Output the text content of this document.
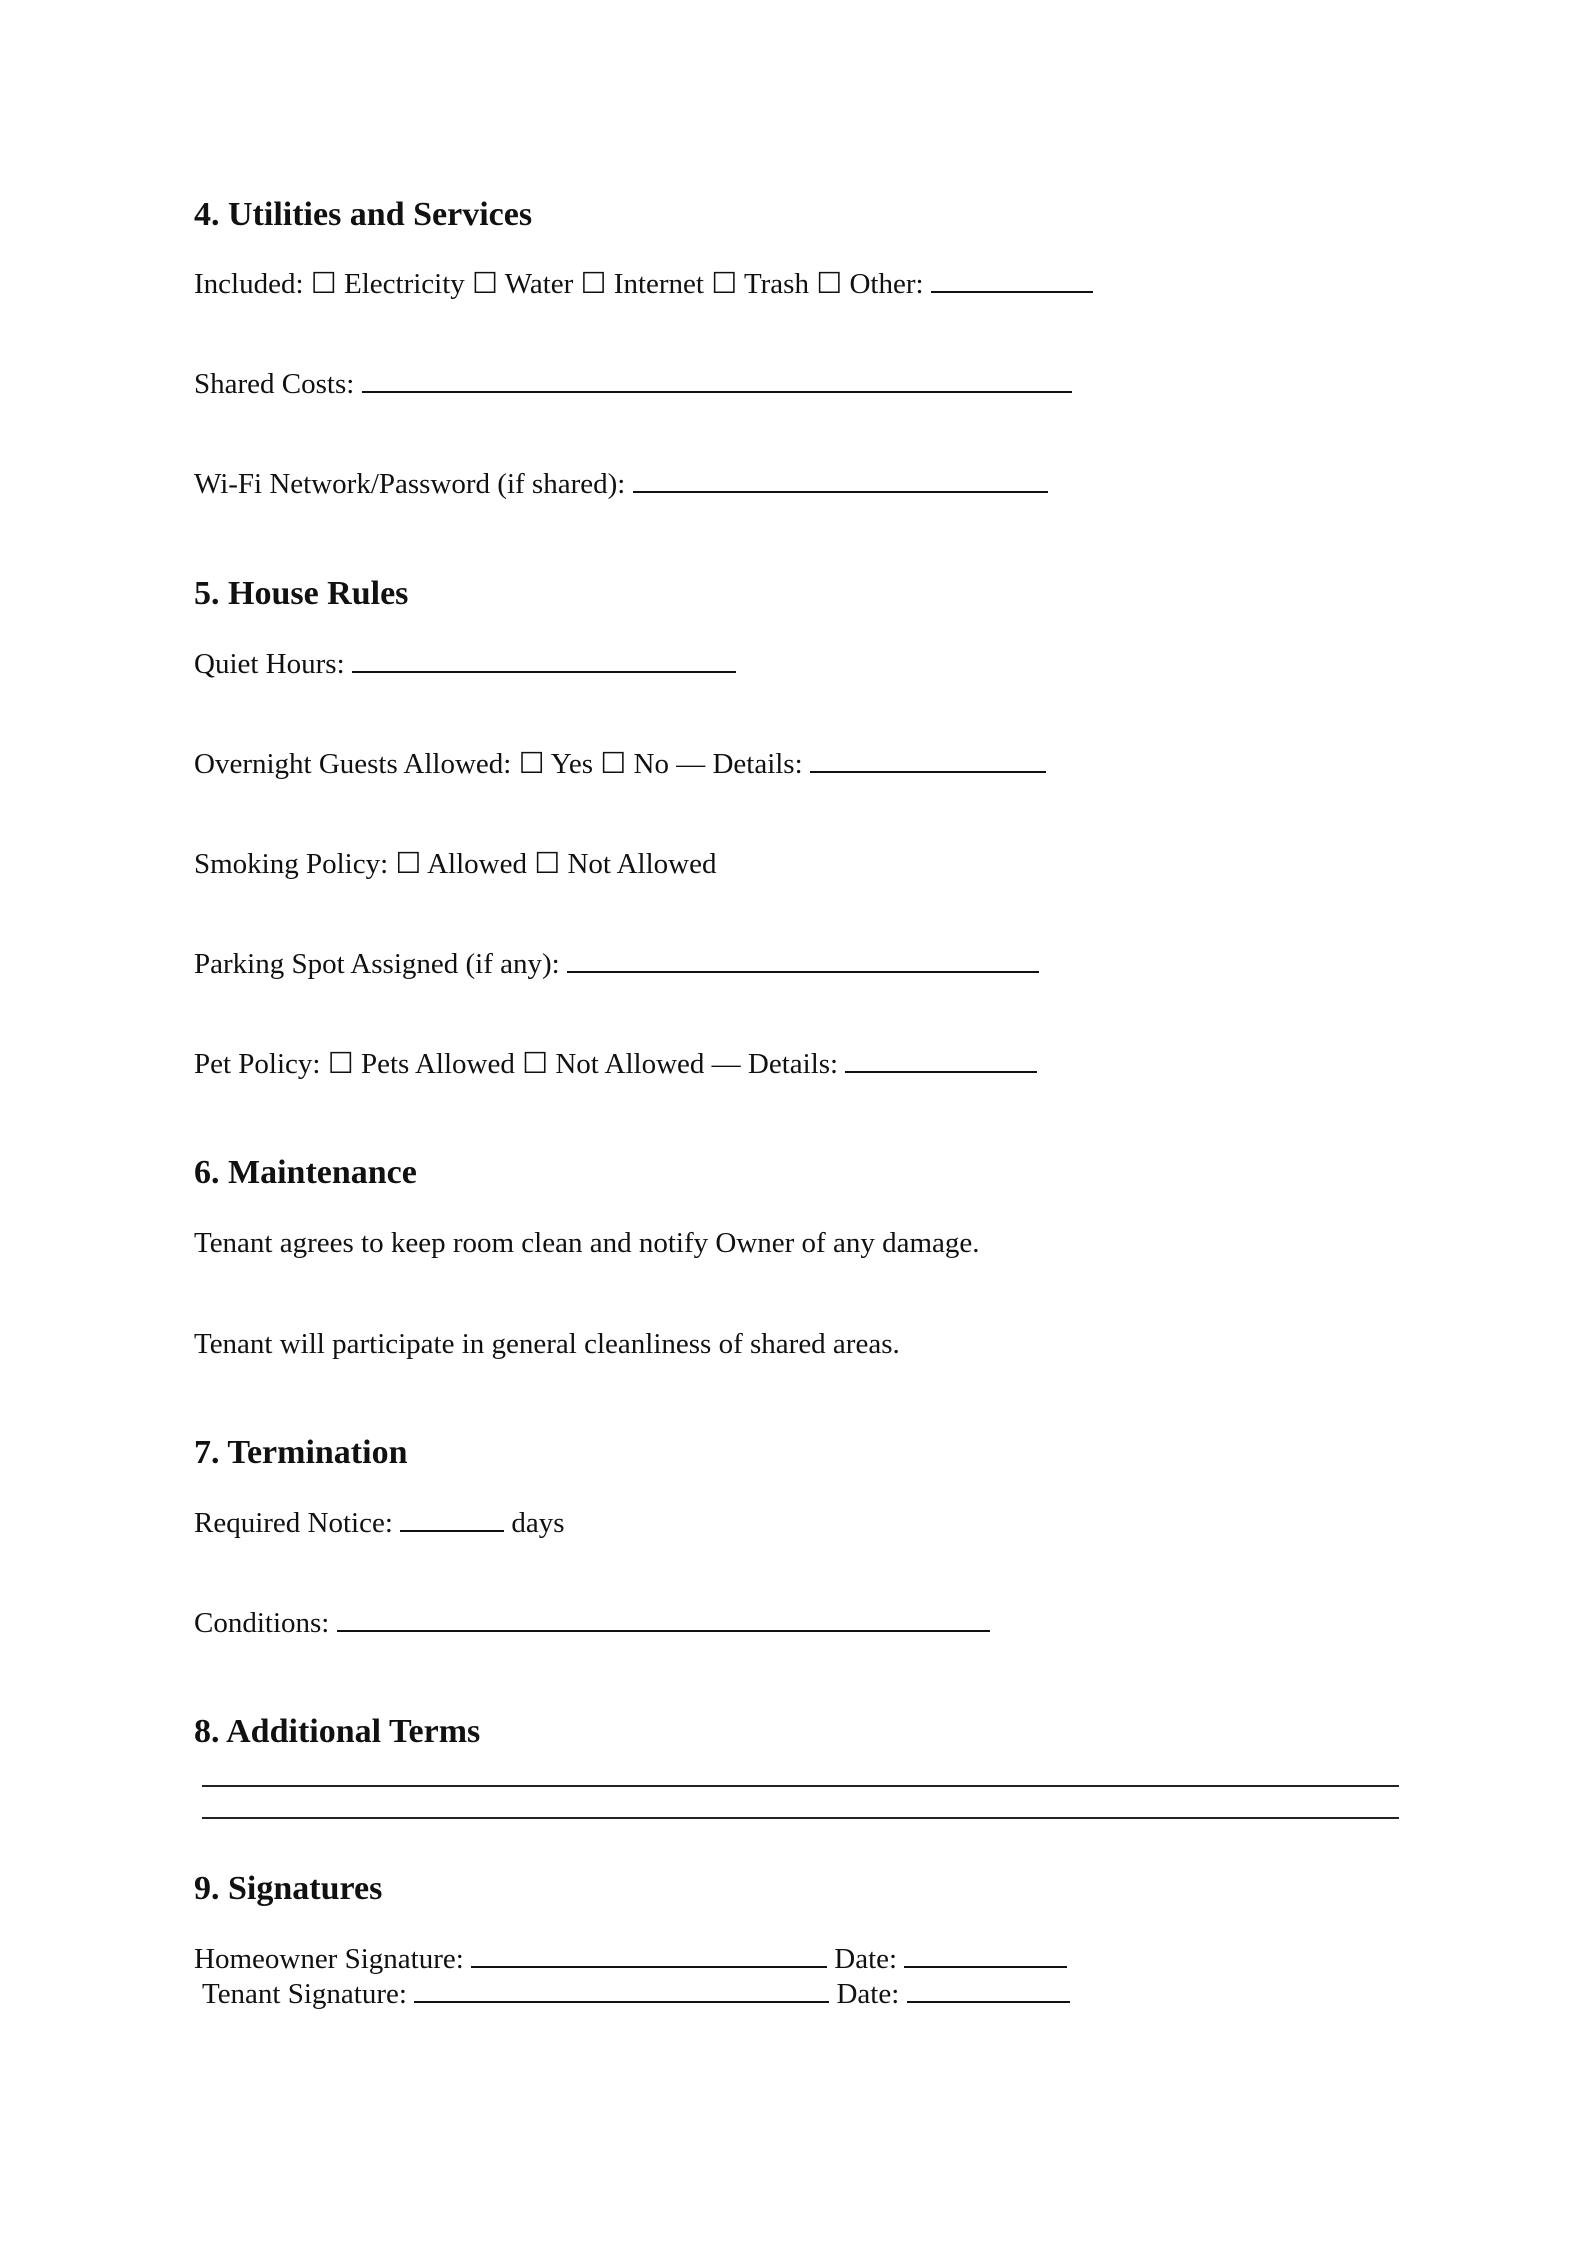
4. Utilities and Services
Included: ☐ Electricity ☐ Water ☐ Internet ☐ Trash ☐ Other:
Shared Costs:
Wi-Fi Network/Password (if shared):
5. House Rules
Quiet Hours:
Overnight Guests Allowed: ☐ Yes ☐ No — Details:
Smoking Policy: ☐ Allowed ☐ Not Allowed
Parking Spot Assigned (if any):
Pet Policy: ☐ Pets Allowed ☐ Not Allowed — Details:
6. Maintenance
Tenant agrees to keep room clean and notify Owner of any damage.
Tenant will participate in general cleanliness of shared areas.
7. Termination
Required Notice:	days
Conditions:
8. Additional Terms
9. Signatures
Homeowner Signature:	Date:
Tenant Signature:	Date:
